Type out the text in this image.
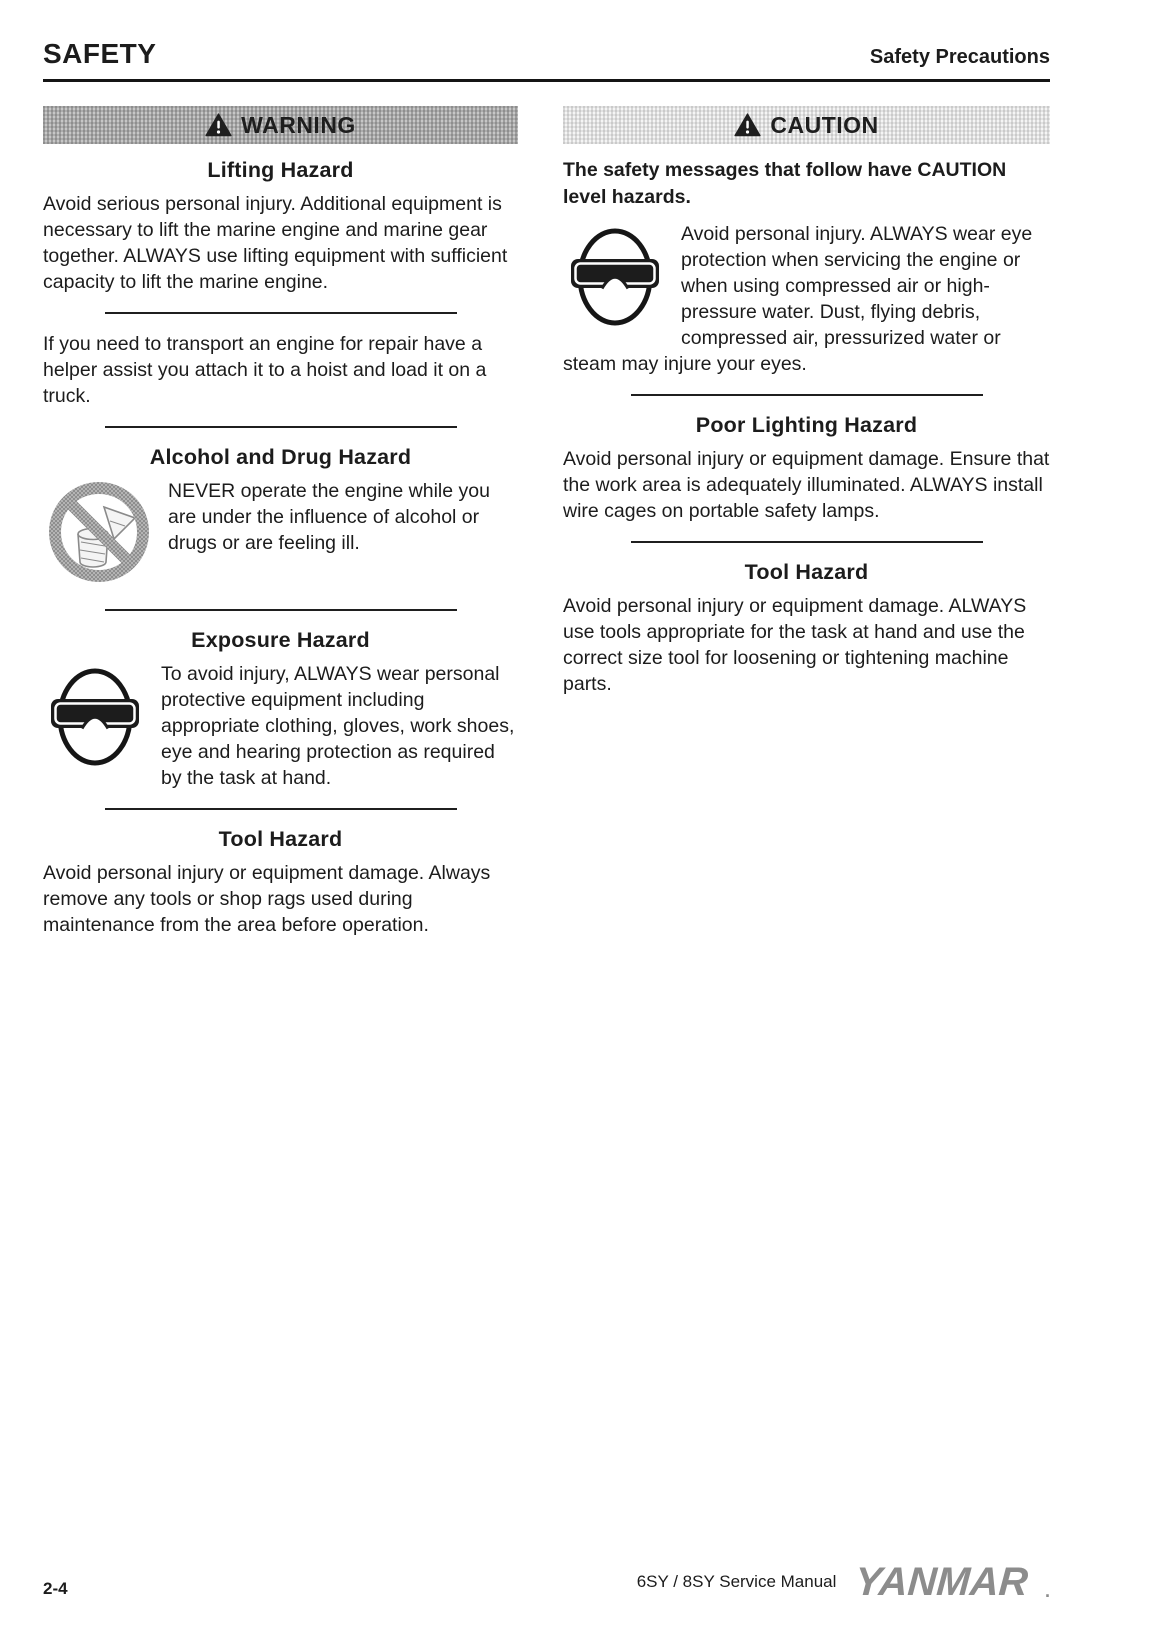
SAFETY	Safety Precautions
WARNING
Lifting Hazard

Avoid serious personal injury. Additional equipment is necessary to lift the marine engine and marine gear together. ALWAYS use lifting equipment with sufficient capacity to lift the marine engine.

If you need to transport an engine for repair have a helper assist you attach it to a hoist and load it on a truck.

Alcohol and Drug Hazard

NEVER operate the engine while you are under the influence of alcohol or drugs or are feeling ill.

Exposure Hazard

To avoid injury, ALWAYS wear personal protective equipment including appropriate clothing, gloves, work shoes, eye and hearing protection as required by the task at hand.

Tool Hazard

Avoid personal injury or equipment damage. Always remove any tools or shop rags used during maintenance from the area before operation.

CAUTION

The safety messages that follow have CAUTION level hazards.

Avoid personal injury. ALWAYS wear eye protection when servicing the engine or when using compressed air or high-pressure water. Dust, flying debris, compressed air, pressurized water or steam may injure your eyes.

Poor Lighting Hazard

Avoid personal injury or equipment damage. Ensure that the work area is adequately illuminated. ALWAYS install wire cages on portable safety lamps.

Tool Hazard

Avoid personal injury or equipment damage. ALWAYS use tools appropriate for the task at hand and use the correct size tool for loosening or tightening machine parts.

2-4	6SY / 8SY Service Manual YANMAR .
